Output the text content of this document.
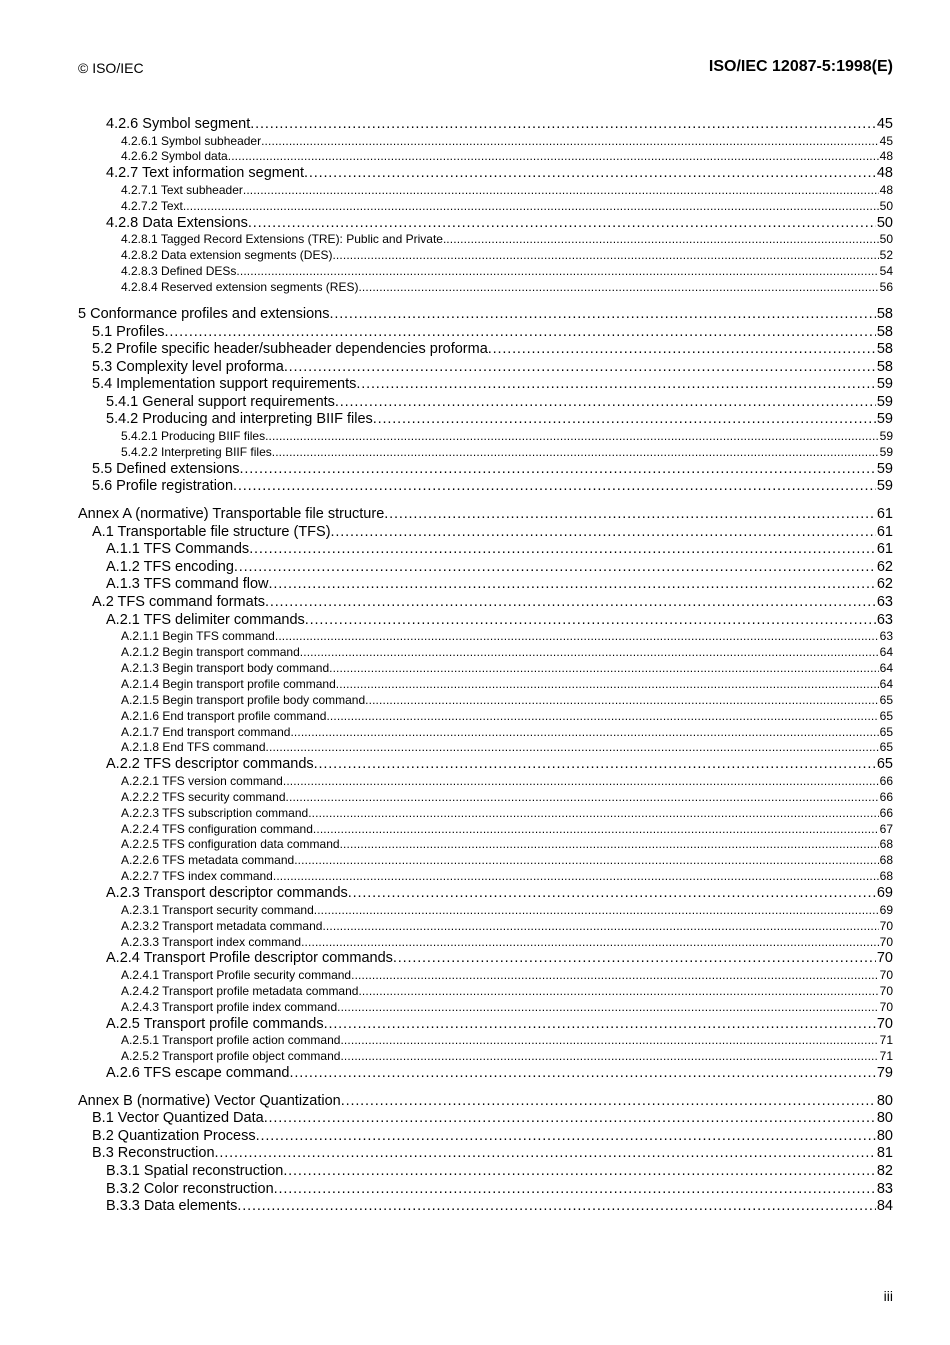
© ISO/IEC	ISO/IEC 12087-5:1998(E)
4.2.6 Symbol segment . . .	45
4.2.6.1 Symbol subheader . . .	45
4.2.6.2 Symbol data . . .	48
4.2.7 Text information segment . . .	48
4.2.7.1 Text subheader . . .	48
4.2.7.2 Text . . .	50
4.2.8 Data Extensions . . .	50
4.2.8.1 Tagged Record Extensions (TRE): Public and Private. . . .	50
4.2.8.2 Data extension segments (DES) . . .	52
4.2.8.3 Defined DESs . . .	54
4.2.8.4 Reserved extension segments (RES) . . .	56
5 Conformance profiles and extensions . . .	58
5.1 Profiles . . .	58
5.2 Profile specific header/subheader dependencies proforma . . .	58
5.3 Complexity level proforma . . .	58
5.4 Implementation support requirements . . .	59
5.4.1 General support requirements . . .	59
5.4.2 Producing and interpreting BIIF files . . .	59
5.4.2.1 Producing BIIF files . . .	59
5.4.2.2 Interpreting BIIF files . . .	59
5.5 Defined extensions . . .	59
5.6 Profile registration . . .	59
Annex A (normative) Transportable file structure . . .	61
A.1 Transportable file structure (TFS) . . .	61
A.1.1 TFS Commands . . .	61
A.1.2 TFS encoding . . .	62
A.1.3 TFS command flow . . .	62
A.2 TFS command formats . . .	63
A.2.1 TFS delimiter commands . . .	63
A.2.1.1 Begin TFS command . . .	63
A.2.1.2 Begin transport command . . .	64
A.2.1.3 Begin transport body command . . .	64
A.2.1.4 Begin transport profile command . . .	64
A.2.1.5 Begin transport profile body command . . .	65
A.2.1.6 End transport profile command . . .	65
A.2.1.7 End transport command . . .	65
A.2.1.8 End TFS command . . .	65
A.2.2 TFS descriptor commands . . .	65
A.2.2.1 TFS version command . . .	66
A.2.2.2 TFS security command . . .	66
A.2.2.3 TFS subscription command . . .	66
A.2.2.4 TFS configuration command . . .	67
A.2.2.5 TFS configuration data command . . .	68
A.2.2.6 TFS metadata command . . .	68
A.2.2.7 TFS index command . . .	68
A.2.3 Transport descriptor commands . . .	69
A.2.3.1 Transport security command . . .	69
A.2.3.2 Transport metadata command . . .	70
A.2.3.3 Transport index command . . .	70
A.2.4 Transport Profile descriptor commands . . .	70
A.2.4.1 Transport Profile security command . . .	70
A.2.4.2 Transport profile metadata command . . .	70
A.2.4.3 Transport profile index command . . .	70
A.2.5 Transport profile commands . . .	70
A.2.5.1 Transport profile action command . . .	71
A.2.5.2 Transport profile object command . . .	71
A.2.6 TFS escape command . . .	79
Annex B (normative) Vector Quantization . . .	80
B.1 Vector Quantized Data . . .	80
B.2 Quantization Process . . .	80
B.3 Reconstruction . . .	81
B.3.1 Spatial reconstruction . . .	82
B.3.2 Color reconstruction . . .	83
B.3.3 Data elements . . .	84
iii
